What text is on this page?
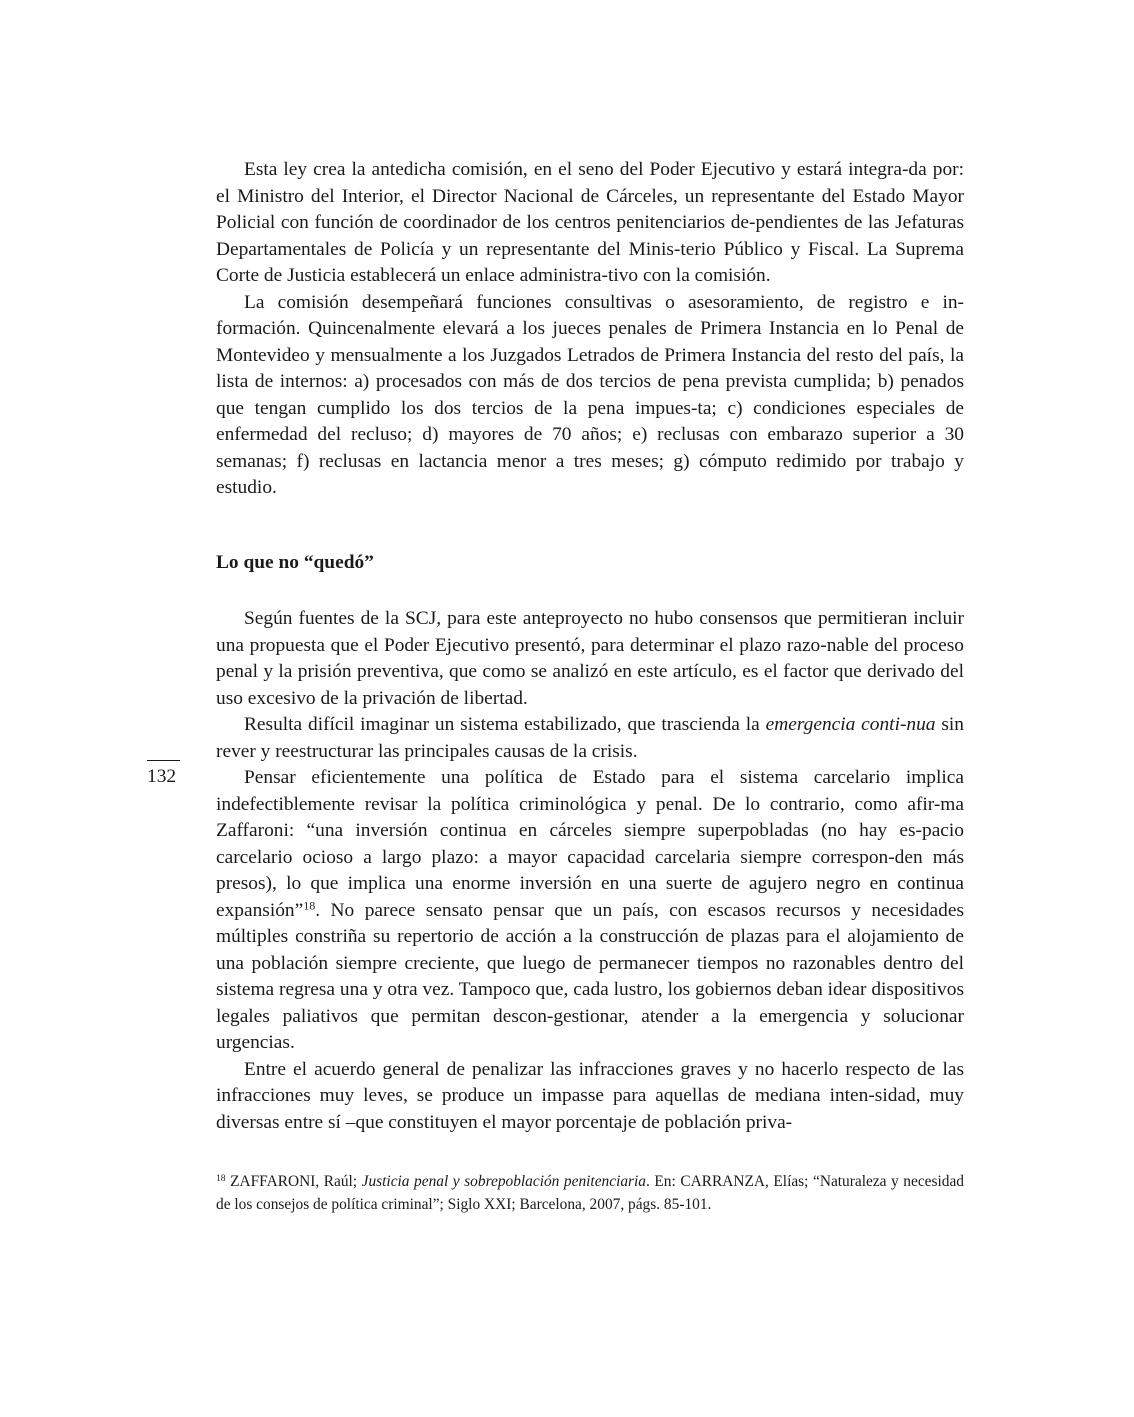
Esta ley crea la antedicha comisión, en el seno del Poder Ejecutivo y estará integra-da por: el Ministro del Interior, el Director Nacional de Cárceles, un representante del Estado Mayor Policial con función de coordinador de los centros penitenciarios de-pendientes de las Jefaturas Departamentales de Policía y un representante del Minis-terio Público y Fiscal. La Suprema Corte de Justicia establecerá un enlace administra-tivo con la comisión.

La comisión desempeñará funciones consultivas o asesoramiento, de registro e in-formación. Quincenalmente elevará a los jueces penales de Primera Instancia en lo Penal de Montevideo y mensualmente a los Juzgados Letrados de Primera Instancia del resto del país, la lista de internos: a) procesados con más de dos tercios de pena prevista cumplida; b) penados que tengan cumplido los dos tercios de la pena impues-ta; c) condiciones especiales de enfermedad del recluso; d) mayores de 70 años; e) reclusas con embarazo superior a 30 semanas; f) reclusas en lactancia menor a tres meses; g) cómputo redimido por trabajo y estudio.

Lo que no “quedó”

Según fuentes de la SCJ, para este anteproyecto no hubo consensos que permitieran incluir una propuesta que el Poder Ejecutivo presentó, para determinar el plazo razo-nable del proceso penal y la prisión preventiva, que como se analizó en este artículo, es el factor que derivado del uso excesivo de la privación de libertad.

Resulta difícil imaginar un sistema estabilizado, que trascienda la emergencia conti-nua sin rever y reestructurar las principales causas de la crisis.

Pensar eficientemente una política de Estado para el sistema carcelario implica indefectiblemente revisar la política criminológica y penal. De lo contrario, como afir-ma Zaffaroni: “una inversión continua en cárceles siempre superpobladas (no hay es-pacio carcelario ocioso a largo plazo: a mayor capacidad carcelaria siempre correspon-den más presos), lo que implica una enorme inversión en una suerte de agujero negro en continua expansión”$^{18}$. No parece sensato pensar que un país, con escasos recursos y necesidades múltiples constriña su repertorio de acción a la construcción de plazas para el alojamiento de una población siempre creciente, que luego de permanecer tiempos no razonables dentro del sistema regresa una y otra vez. Tampoco que, cada lustro, los gobiernos deban idear dispositivos legales paliativos que permitan descon-gestionar, atender a la emergencia y solucionar urgencias.

Entre el acuerdo general de penalizar las infracciones graves y no hacerlo respecto de las infracciones muy leves, se produce un impasse para aquellas de mediana inten-sidad, muy diversas entre sí –que constituyen el mayor porcentaje de población priva-

132

$^{18}$ ZAFFARONI, Raúl; Justicia penal y sobrepoblación penitenciaria. En: CARRANZA, Elías; “Naturaleza y necesidad de los consejos de política criminal”; Siglo XXI; Barcelona, 2007, págs. 85-101.
